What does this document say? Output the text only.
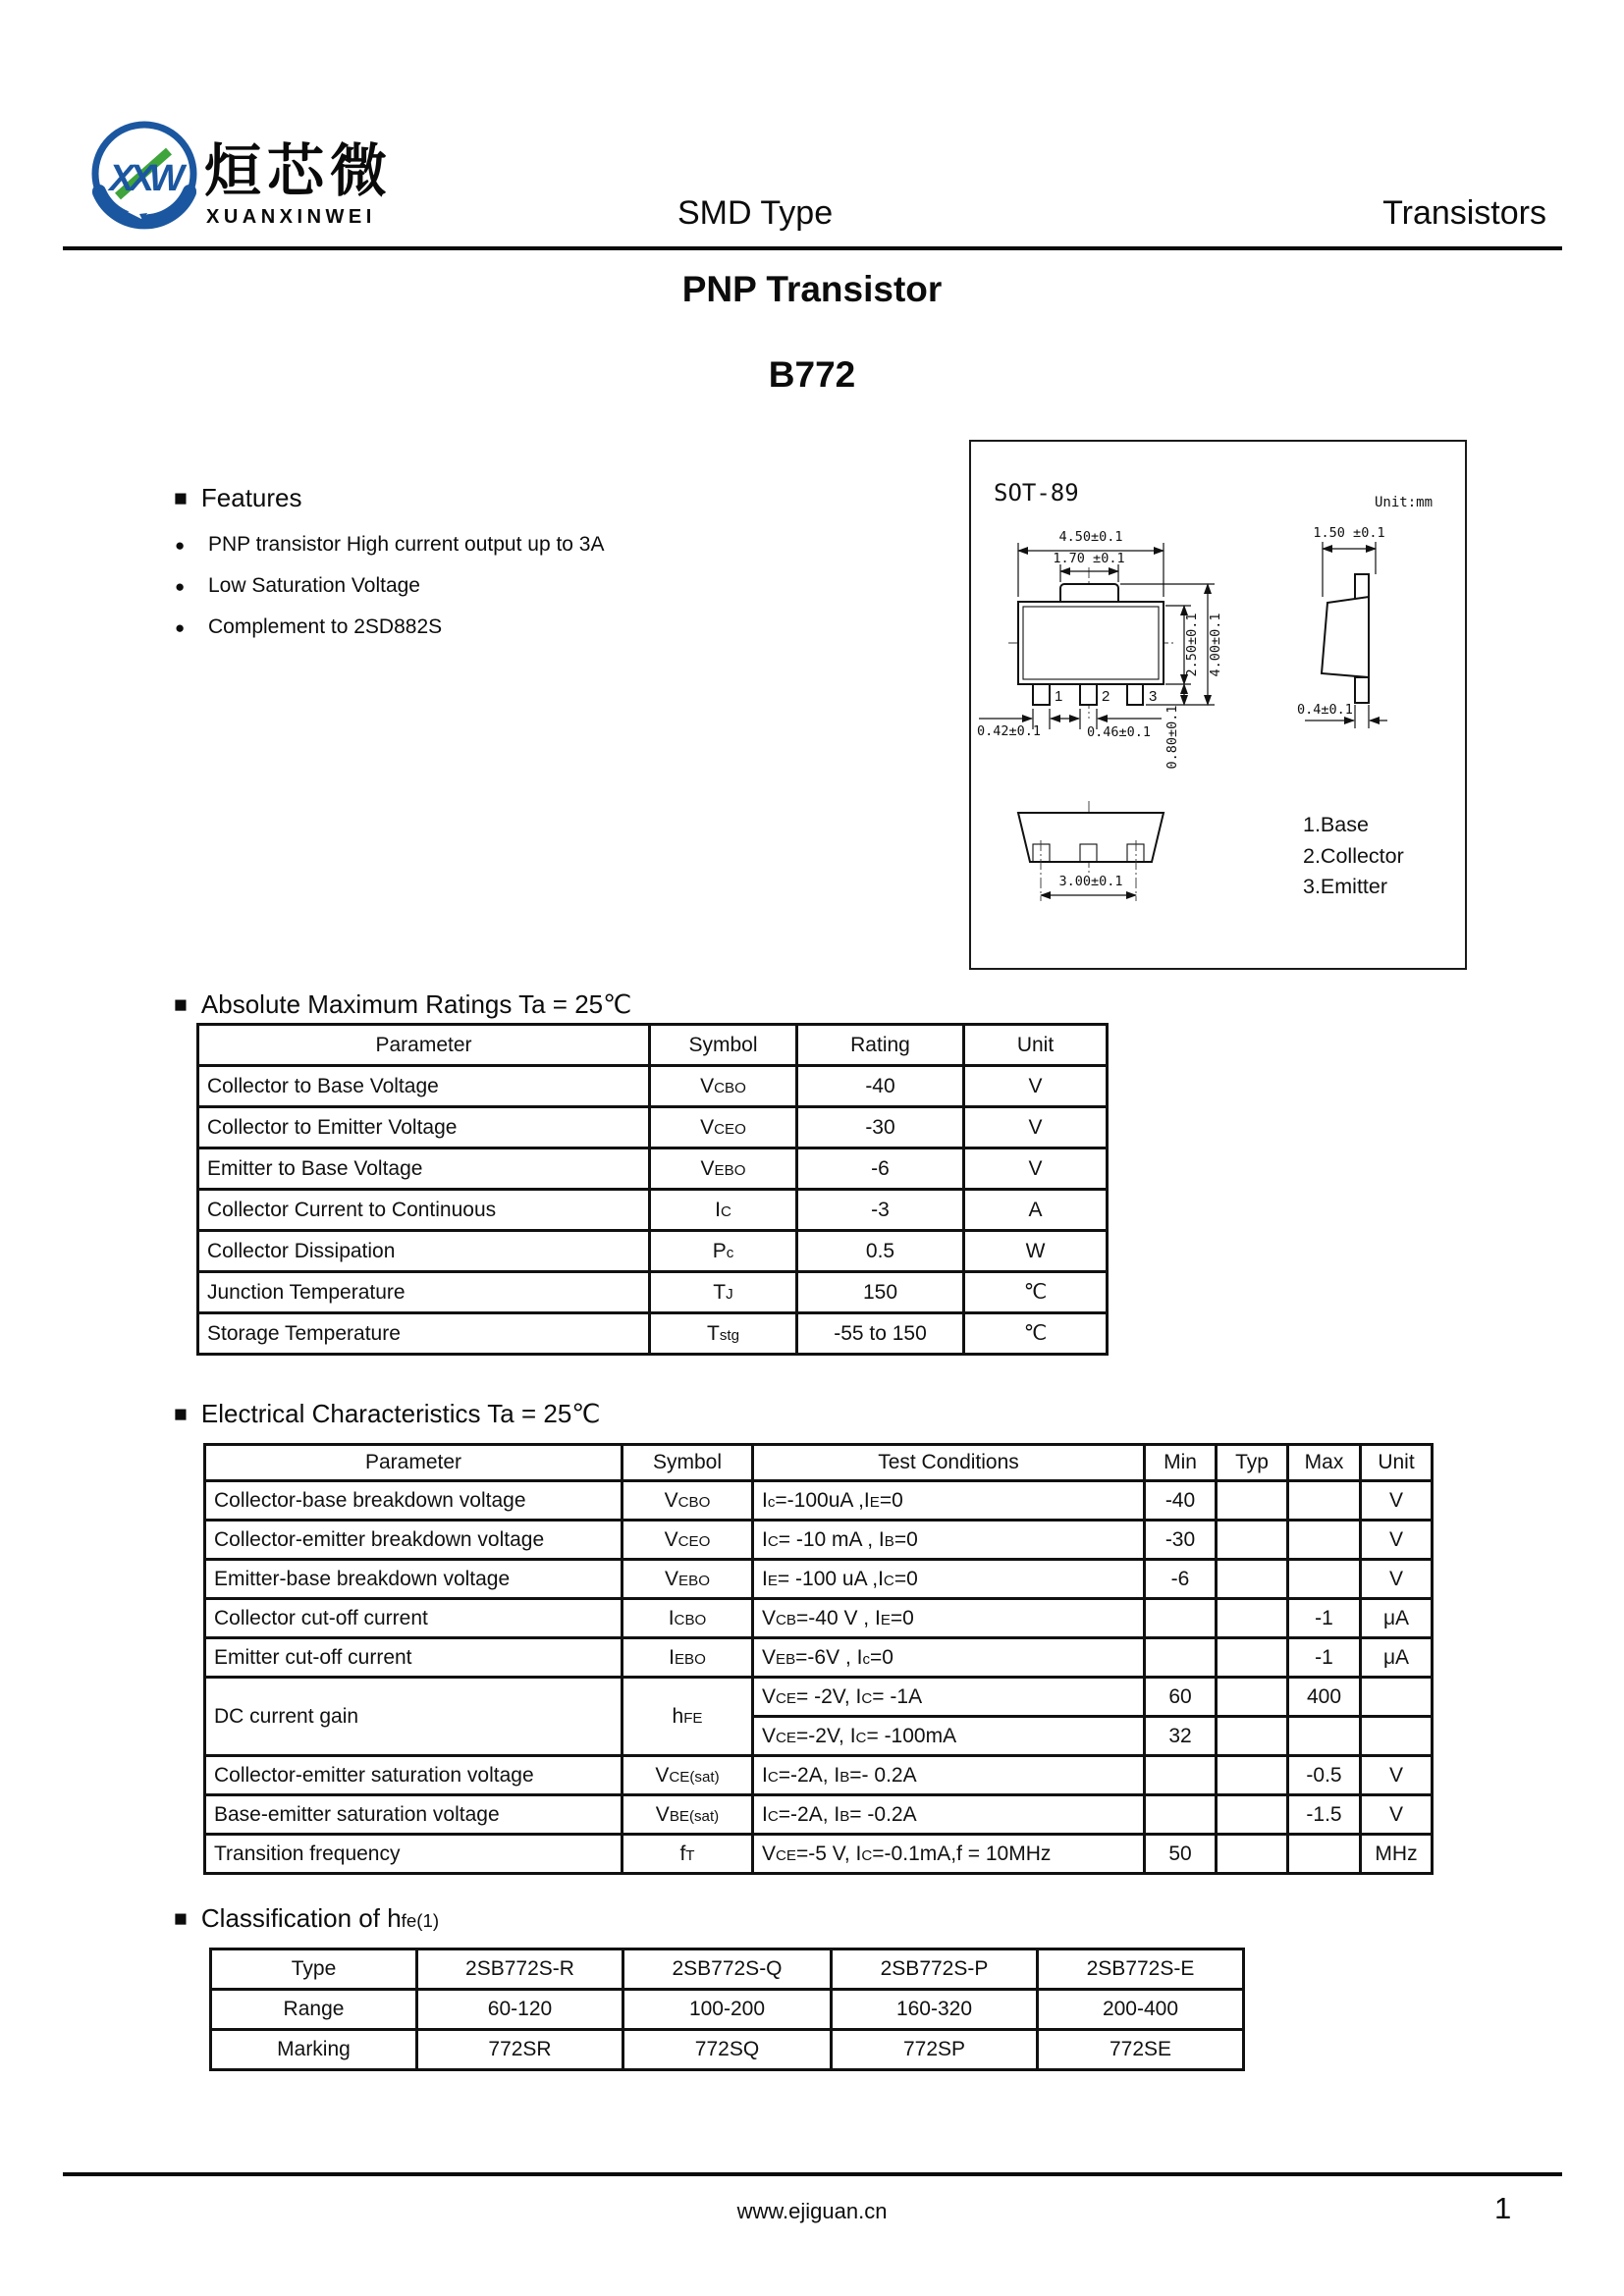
XXW 烜芯微
XUANXINWEI	SMD Type	Transistors
PNP Transistor
B772
■ Features
●	PNP transistor High current output up to 3A
●	Low Saturation Voltage
●	Complement to 2SD882S
SOT-89	Unit:mm
1	2	3
4.50±0.1
1.70 ±0.1
2.50±0.1 4.00±0.1
0.80±0.1
0.42±0.1	0.46±0.1
1.50 ±0.1
0.4±0.1
3.00±0.1
1.Base
2.Collector
3.Emitter
■ Absolute Maximum Ratings Ta = 25℃
Parameter	Symbol	Rating	Unit
Collector to Base Voltage	VCBO	-40	V
Collector to Emitter Voltage	VCEO	-30	V
Emitter to Base Voltage	VEBO	-6	V
Collector Current to Continuous	IC	-3	A
Collector Dissipation	Pc	0.5	W
Junction Temperature	TJ	150	℃
Storage Temperature	Tstg	-55 to 150	℃
■ Electrical Characteristics Ta = 25℃
Parameter	Symbol	Test Conditions	Min	Typ	Max	Unit
Collector-base breakdown voltage	VCBO	Ic=-100uA ,IE=0	-40			V
Collector-emitter breakdown voltage	VCEO	IC= -10 mA , IB=0	-30			V
Emitter-base breakdown voltage	VEBO	IE= -100 uA ,IC=0	-6			V
Collector cut-off current	ICBO	VCB=-40 V , IE=0			-1	μA
Emitter cut-off current	IEBO	VEB=-6V , Ic=0			-1	μA
DC current gain	hFE	VCE= -2V, IC= -1A	60		400	
		VCE=-2V, IC= -100mA	32			
Collector-emitter saturation voltage	VCE(sat)	IC=-2A, IB=- 0.2A			-0.5	V
Base-emitter saturation voltage	VBE(sat)	IC=-2A, IB= -0.2A			-1.5	V
Transition frequency	fT	VCE=-5 V, IC=-0.1mA,f = 10MHz	50			MHz
■ Classification of hfe(1)
Type	2SB772S-R	2SB772S-Q	2SB772S-P	2SB772S-E
Range	60-120	100-200	160-320	200-400
Marking	772SR	772SQ	772SP	772SE
www.ejiguan.cn	1
